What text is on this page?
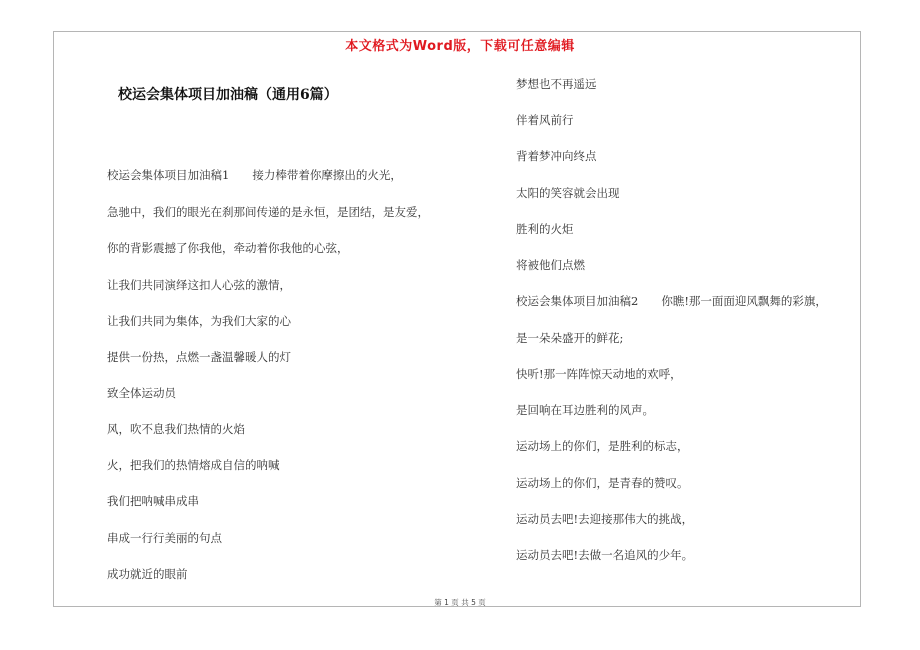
本文格式为Word版，下载可任意编辑
校运会集体项目加油稿（通用6篇）
校运会集体项目加油稿1　　接力棒带着你摩擦出的火光，
急驰中，我们的眼光在刹那间传递的是永恒，是团结，是友爱，
你的背影震撼了你我他，牵动着你我他的心弦，
让我们共同演绎这扣人心弦的激情，
让我们共同为集体，为我们大家的心
提供一份热，点燃一盏温馨暖人的灯
致全体运动员
风，吹不息我们热情的火焰
火，把我们的热情熔成自信的呐喊
我们把呐喊串成串
串成一行行美丽的句点
成功就近的眼前
梦想也不再遥远
伴着风前行
背着梦冲向终点
太阳的笑容就会出现
胜利的火炬
将被他们点燃
校运会集体项目加油稿2　　你瞧!那一面面迎风飘舞的彩旗，
是一朵朵盛开的鲜花;
快听!那一阵阵惊天动地的欢呼，
是回响在耳边胜利的风声。
运动场上的你们，是胜利的标志，
运动场上的你们，是青春的赞叹。
运动员去吧!去迎接那伟大的挑战，
运动员去吧!去做一名追风的少年。
第 1 页 共 5 页
